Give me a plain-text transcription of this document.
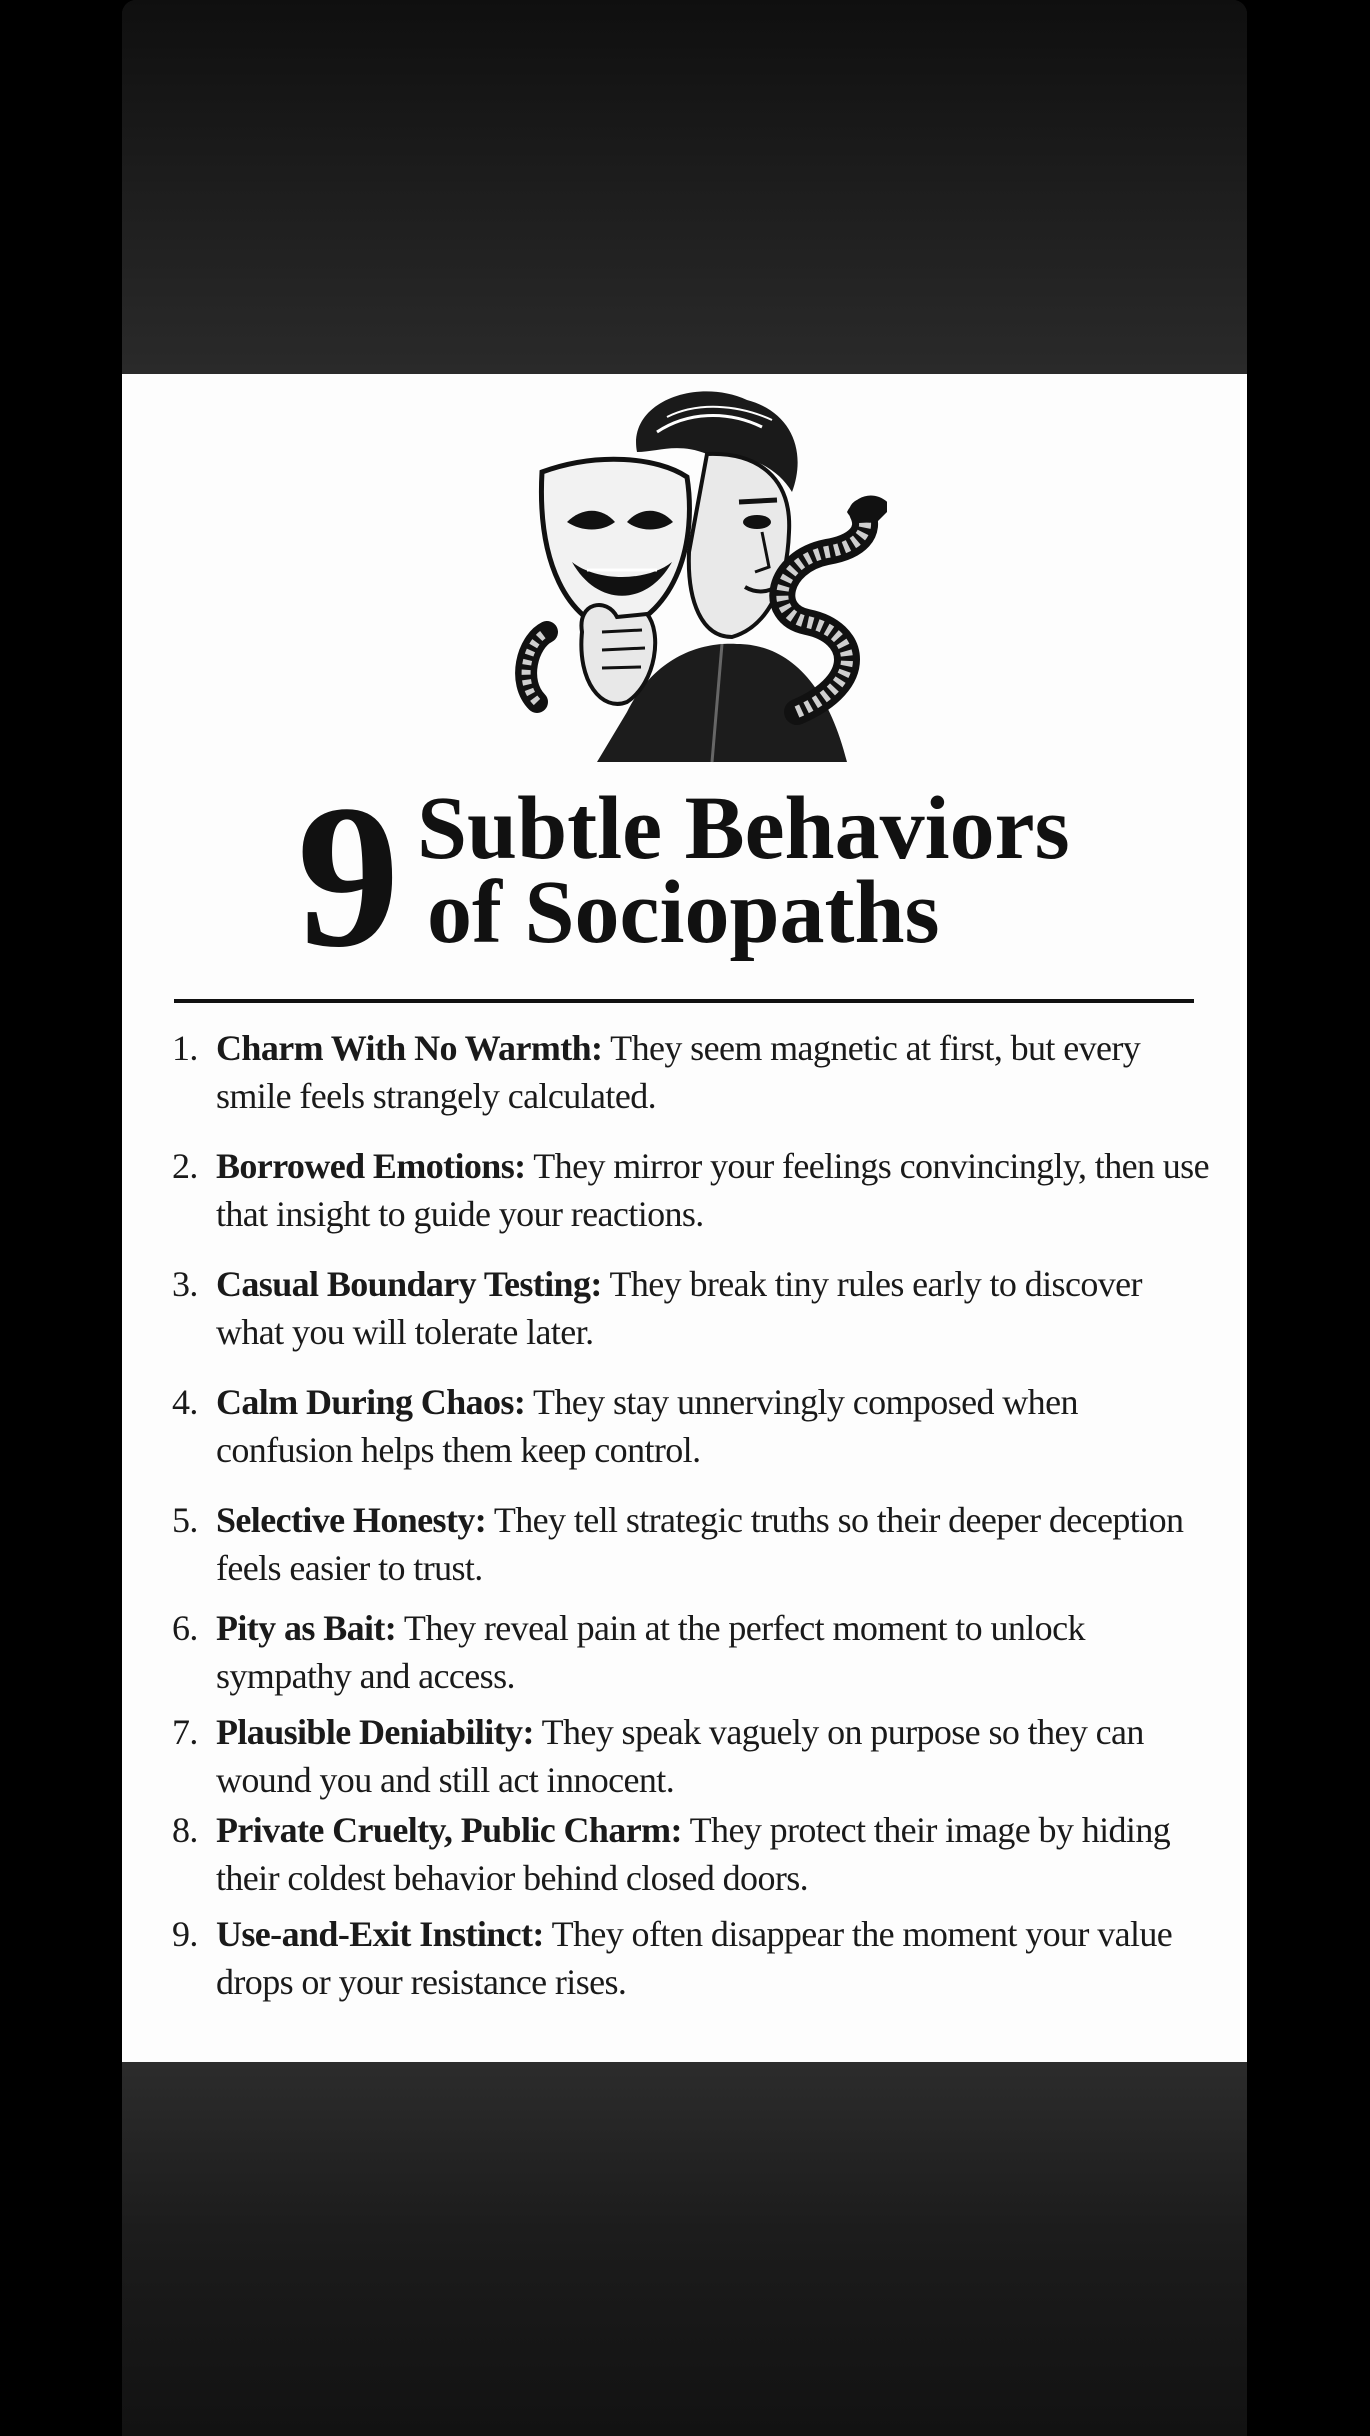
9 Subtle Behaviors
of Sociopaths
1. Charm With No Warmth: They seem magnetic at first, but every smile feels strangely calculated.
2. Borrowed Emotions: They mirror your feelings convincingly, then use that insight to guide your reactions.
3. Casual Boundary Testing: They break tiny rules early to discover what you will tolerate later.
4. Calm During Chaos: They stay unnervingly composed when confusion helps them keep control.
5. Selective Honesty: They tell strategic truths so their deeper deception feels easier to trust.
6. Pity as Bait: They reveal pain at the perfect moment to unlock sympathy and access.
7. Plausible Deniability: They speak vaguely on purpose so they can wound you and still act innocent.
8. Private Cruelty, Public Charm: They protect their image by hiding their coldest behavior behind closed doors.
9. Use-and-Exit Instinct: They often disappear the moment your value drops or your resistance rises.
